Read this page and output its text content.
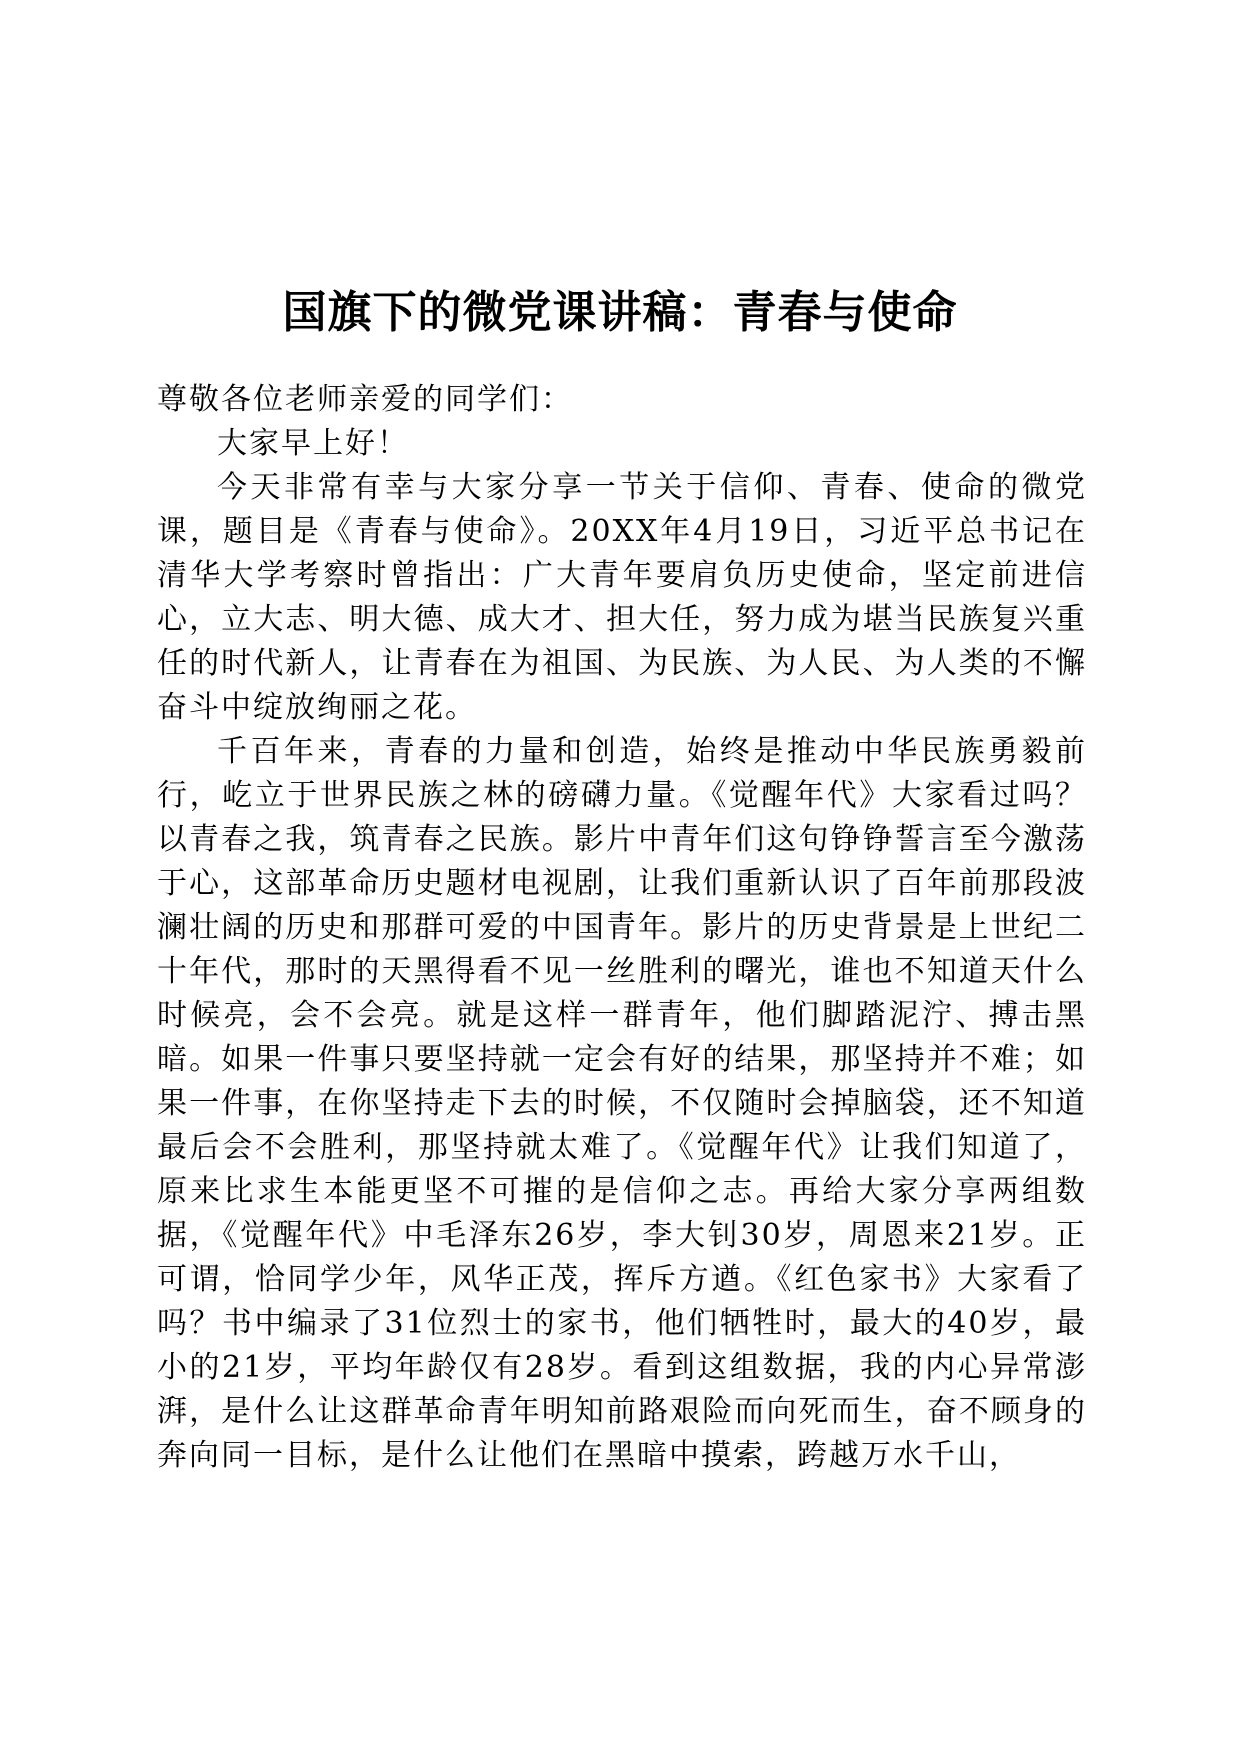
国旗下的微党课讲稿：青春与使命

尊敬各位老师亲爱的同学们：

大家早上好！

今天非常有幸与大家分享一节关于信仰、青春、使命的微党课，题目是《青春与使命》。20XX年4月19日，习近平总书记在清华大学考察时曾指出：广大青年要肩负历史使命，坚定前进信心，立大志、明大德、成大才、担大任，努力成为堪当民族复兴重任的时代新人，让青春在为祖国、为民族、为人民、为人类的不懈奋斗中绽放绚丽之花。

千百年来，青春的力量和创造，始终是推动中华民族勇毅前行，屹立于世界民族之林的磅礴力量。《觉醒年代》大家看过吗？以青春之我，筑青春之民族。影片中青年们这句铮铮誓言至今激荡于心，这部革命历史题材电视剧，让我们重新认识了百年前那段波澜壮阔的历史和那群可爱的中国青年。影片的历史背景是上世纪二十年代，那时的天黑得看不见一丝胜利的曙光，谁也不知道天什么时候亮，会不会亮。就是这样一群青年，他们脚踏泥泞、搏击黑暗。如果一件事只要坚持就一定会有好的结果，那坚持并不难；如果一件事，在你坚持走下去的时候，不仅随时会掉脑袋，还不知道最后会不会胜利，那坚持就太难了。《觉醒年代》让我们知道了，原来比求生本能更坚不可摧的是信仰之志。再给大家分享两组数据，《觉醒年代》中毛泽东26岁，李大钊30岁，周恩来21岁。正可谓，恰同学少年，风华正茂，挥斥方遒。《红色家书》大家看了吗？书中编录了31位烈士的家书，他们牺牲时，最大的40岁，最小的21岁，平均年龄仅有28岁。看到这组数据，我的内心异常澎湃，是什么让这群革命青年明知前路艰险而向死而生，奋不顾身的奔向同一目标，是什么让他们在黑暗中摸索，跨越万水千山，
